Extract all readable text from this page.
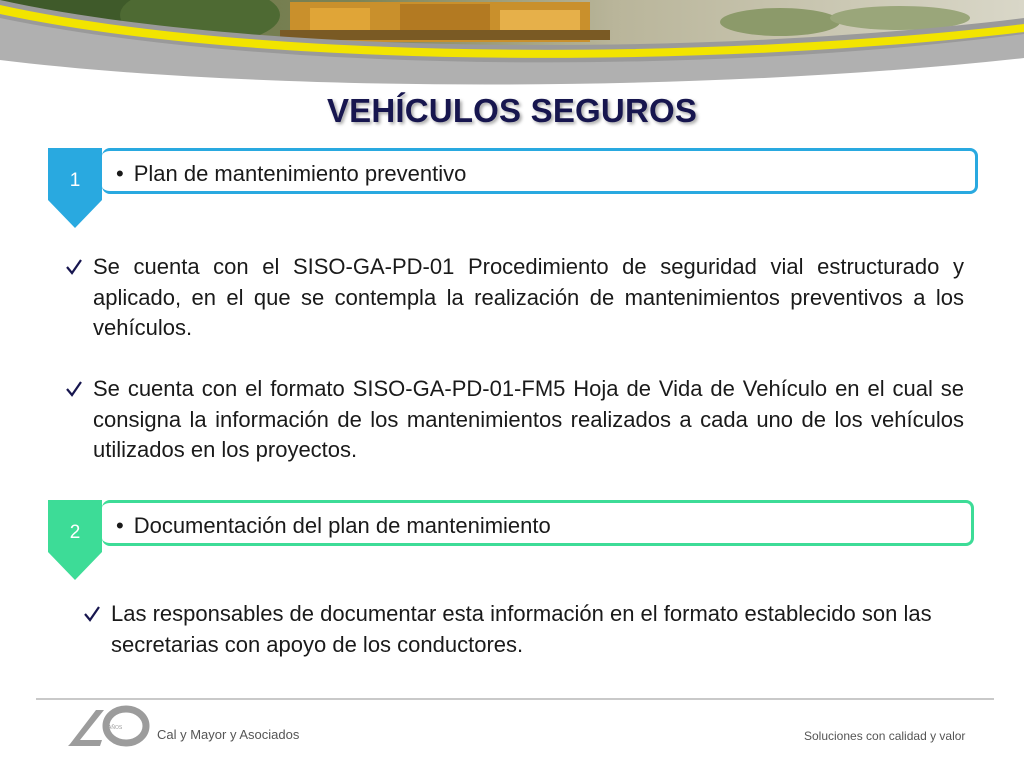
VEHÍCULOS SEGUROS
1	• Plan de mantenimiento preventivo
Se cuenta con el SISO-GA-PD-01 Procedimiento de seguridad vial estructurado y aplicado, en el que se contempla la realización de mantenimientos preventivos a los vehículos.
Se cuenta con el formato SISO-GA-PD-01-FM5 Hoja de Vida de Vehículo en el cual se consigna la información de los mantenimientos realizados a cada uno de los vehículos utilizados en los proyectos.
2	• Documentación del plan de mantenimiento
Las responsables de documentar esta información en el formato establecido son las secretarias con apoyo de los conductores.
AÑOS	Cal y Mayor y Asociados	Soluciones con calidad y valor
